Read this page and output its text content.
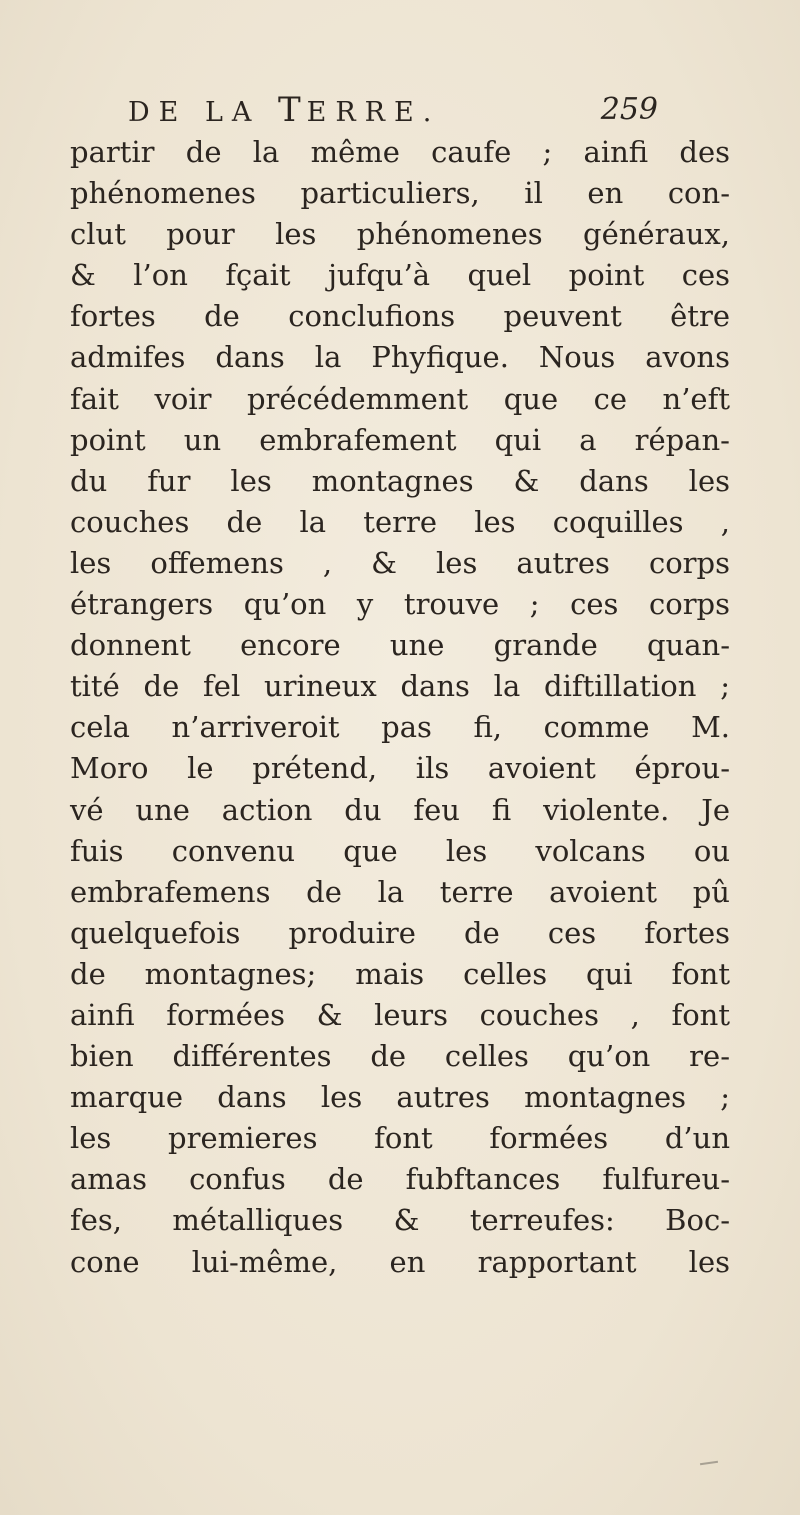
DE LA TERRE.	259
partir de la même caufe ; ainfi des
phénomenes particuliers, il en con-
clut pour les phénomenes généraux,
& l’on fçait jufqu’à quel point ces
fortes de conclufions peuvent être
admifes dans la Phyfique. Nous avons
fait voir précédemment que ce n’eft
point un embrafement qui a répan-
du fur les montagnes & dans les
couches de la terre les coquilles ,
les offemens , & les autres corps
étrangers qu’on y trouve ; ces corps
donnent encore une grande quan-
tité de fel urineux dans la diftillation ;
cela n’arriveroit pas fi, comme M.
Moro le prétend, ils avoient éprou-
vé une action du feu fi violente. Je
fuis convenu que les volcans ou
embrafemens de la terre avoient pû
quelquefois produire de ces fortes
de montagnes; mais celles qui font
ainfi formées & leurs couches , font
bien différentes de celles qu’on re-
marque dans les autres montagnes ;
les premieres font formées d’un
amas confus de fubftances fulfureu-
fes, métalliques & terreufes: Boc-
cone lui-même, en rapportant les
